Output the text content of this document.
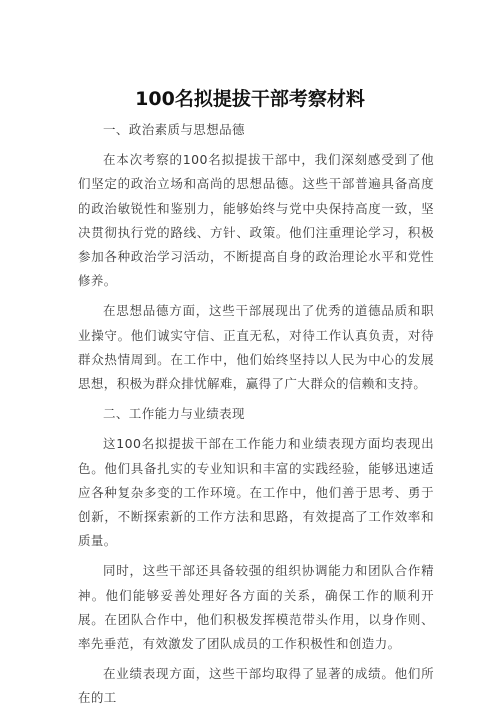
100名拟提拔干部考察材料

一、政治素质与思想品德

在本次考察的100名拟提拔干部中，我们深刻感受到了他们坚定的政治立场和高尚的思想品德。这些干部普遍具备高度的政治敏锐性和鉴别力，能够始终与党中央保持高度一致，坚决贯彻执行党的路线、方针、政策。他们注重理论学习，积极参加各种政治学习活动，不断提高自身的政治理论水平和党性修养。

在思想品德方面，这些干部展现出了优秀的道德品质和职业操守。他们诚实守信、正直无私，对待工作认真负责，对待群众热情周到。在工作中，他们始终坚持以人民为中心的发展思想，积极为群众排忧解难，赢得了广大群众的信赖和支持。

二、工作能力与业绩表现

这100名拟提拔干部在工作能力和业绩表现方面均表现出色。他们具备扎实的专业知识和丰富的实践经验，能够迅速适应各种复杂多变的工作环境。在工作中，他们善于思考、勇于创新，不断探索新的工作方法和思路，有效提高了工作效率和质量。

同时，这些干部还具备较强的组织协调能力和团队合作精神。他们能够妥善处理好各方面的关系，确保工作的顺利开展。在团队合作中，他们积极发挥模范带头作用，以身作则、率先垂范，有效激发了团队成员的工作积极性和创造力。

在业绩表现方面，这些干部均取得了显著的成绩。他们所在的工
